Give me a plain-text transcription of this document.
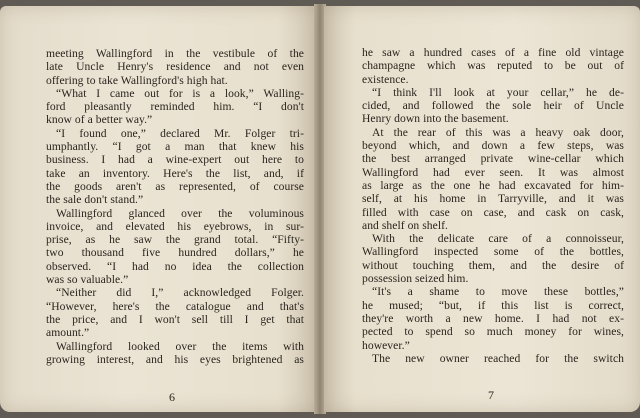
meeting Wallingford in the vestibule of the
late Uncle Henry's residence and not even
offering to take Wallingford's high hat.
“What I came out for is a look,” Walling-
ford pleasantly reminded him. “I don't
know of a better way.”
“I found one,” declared Mr. Folger tri-
umphantly. “I got a man that knew his
business. I had a wine-expert out here to
take an inventory. Here's the list, and, if
the goods aren't as represented, of course
the sale don't stand.”
Wallingford glanced over the voluminous
invoice, and elevated his eyebrows, in sur-
prise, as he saw the grand total. “Fifty-
two thousand five hundred dollars,” he
observed. “I had no idea the collection
was so valuable.”
“Neither did I,” acknowledged Folger.
“However, here's the catalogue and that's
the price, and I won't sell till I get that
amount.”
Wallingford looked over the items with
growing interest, and his eyes brightened as
6
he saw a hundred cases of a fine old vintage
champagne which was reputed to be out of
existence.
“I think I'll look at your cellar,” he de-
cided, and followed the sole heir of Uncle
Henry down into the basement.
At the rear of this was a heavy oak door,
beyond which, and down a few steps, was
the best arranged private wine-cellar which
Wallingford had ever seen. It was almost
as large as the one he had excavated for him-
self, at his home in Tarryville, and it was
filled with case on case, and cask on cask,
and shelf on shelf.
With the delicate care of a connoisseur,
Wallingford inspected some of the bottles,
without touching them, and the desire of
possession seized him.
“It's a shame to move these bottles,”
he mused; “but, if this list is correct,
they're worth a new home. I had not ex-
pected to spend so much money for wines,
however.”
The new owner reached for the switch
7
